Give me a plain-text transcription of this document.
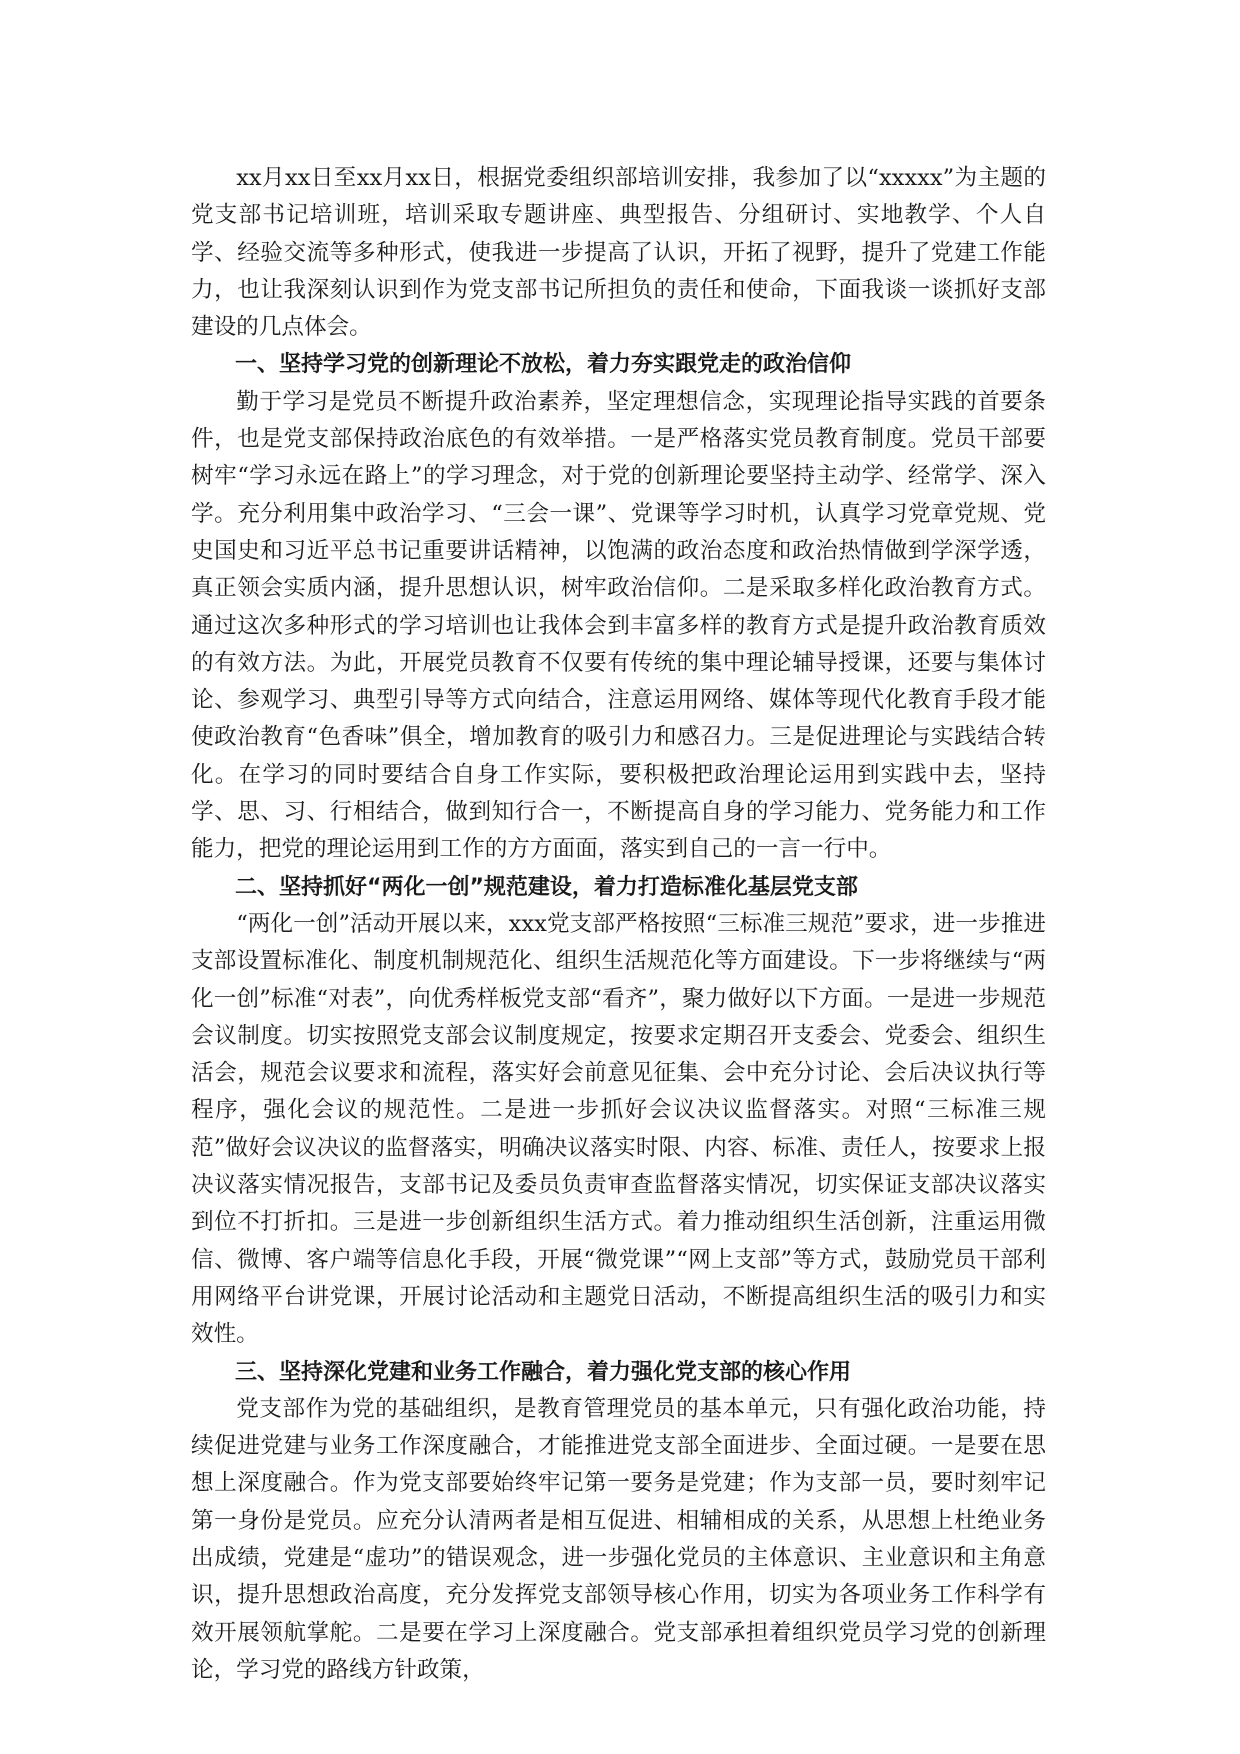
xx月xx日至xx月xx日，根据党委组织部培训安排，我参加了以“xxxxx”为主题的党支部书记培训班，培训采取专题讲座、典型报告、分组研讨、实地教学、个人自学、经验交流等多种形式，使我进一步提高了认识，开拓了视野，提升了党建工作能力，也让我深刻认识到作为党支部书记所担负的责任和使命，下面我谈一谈抓好支部建设的几点体会。

一、坚持学习党的创新理论不放松，着力夯实跟党走的政治信仰

勤于学习是党员不断提升政治素养，坚定理想信念，实现理论指导实践的首要条件，也是党支部保持政治底色的有效举措。一是严格落实党员教育制度。党员干部要树牢“学习永远在路上”的学习理念，对于党的创新理论要坚持主动学、经常学、深入学。充分利用集中政治学习、“三会一课”、党课等学习时机，认真学习党章党规、党史国史和习近平总书记重要讲话精神，以饱满的政治态度和政治热情做到学深学透，真正领会实质内涵，提升思想认识，树牢政治信仰。二是采取多样化政治教育方式。通过这次多种形式的学习培训也让我体会到丰富多样的教育方式是提升政治教育质效的有效方法。为此，开展党员教育不仅要有传统的集中理论辅导授课，还要与集体讨论、参观学习、典型引导等方式向结合，注意运用网络、媒体等现代化教育手段才能使政治教育“色香味”俱全，增加教育的吸引力和感召力。三是促进理论与实践结合转化。在学习的同时要结合自身工作实际，要积极把政治理论运用到实践中去，坚持学、思、习、行相结合，做到知行合一，不断提高自身的学习能力、党务能力和工作能力，把党的理论运用到工作的方方面面，落实到自己的一言一行中。

二、坚持抓好“两化一创”规范建设，着力打造标准化基层党支部

“两化一创”活动开展以来，xxx党支部严格按照“三标准三规范”要求，进一步推进支部设置标准化、制度机制规范化、组织生活规范化等方面建设。下一步将继续与“两化一创”标准“对表”，向优秀样板党支部“看齐”，聚力做好以下方面。一是进一步规范会议制度。切实按照党支部会议制度规定，按要求定期召开支委会、党委会、组织生活会，规范会议要求和流程，落实好会前意见征集、会中充分讨论、会后决议执行等程序，强化会议的规范性。二是进一步抓好会议决议监督落实。对照“三标准三规范”做好会议决议的监督落实，明确决议落实时限、内容、标准、责任人，按要求上报决议落实情况报告，支部书记及委员负责审查监督落实情况，切实保证支部决议落实到位不打折扣。三是进一步创新组织生活方式。着力推动组织生活创新，注重运用微信、微博、客户端等信息化手段，开展“微党课”“网上支部”等方式，鼓励党员干部利用网络平台讲党课，开展讨论活动和主题党日活动，不断提高组织生活的吸引力和实效性。

三、坚持深化党建和业务工作融合，着力强化党支部的核心作用

党支部作为党的基础组织，是教育管理党员的基本单元，只有强化政治功能，持续促进党建与业务工作深度融合，才能推进党支部全面进步、全面过硬。一是要在思想上深度融合。作为党支部要始终牢记第一要务是党建；作为支部一员，要时刻牢记第一身份是党员。应充分认清两者是相互促进、相辅相成的关系，从思想上杜绝业务出成绩，党建是“虚功”的错误观念，进一步强化党员的主体意识、主业意识和主角意识，提升思想政治高度，充分发挥党支部领导核心作用，切实为各项业务工作科学有效开展领航掌舵。二是要在学习上深度融合。党支部承担着组织党员学习党的创新理论，学习党的路线方针政策，
